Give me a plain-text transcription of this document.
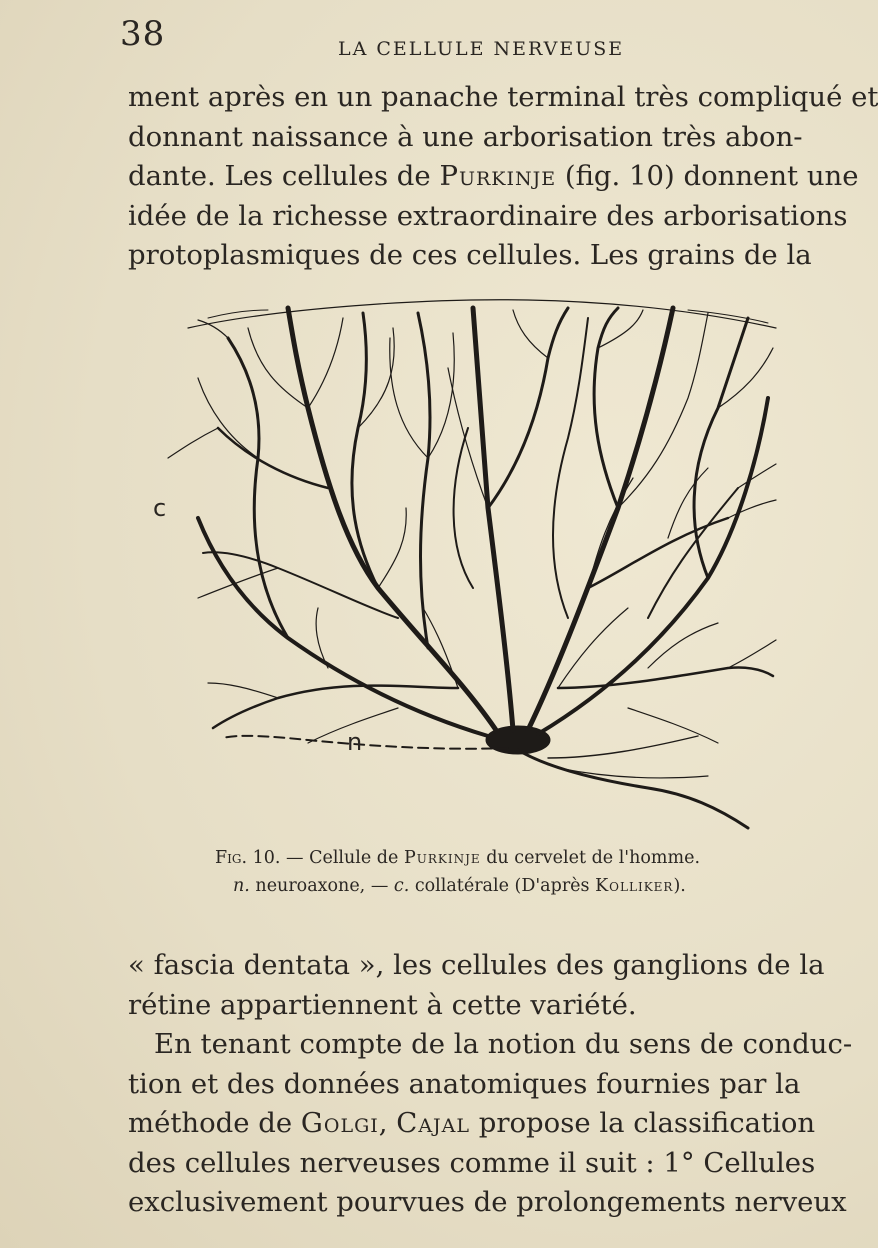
38	LA CELLULE NERVEUSE

ment après en un panache terminal très compliqué et
donnant naissance à une arborisation très abon-
dante. Les cellules de Purkinje (fig. 10) donnent une
idée de la richesse extraordinaire des arborisations
protoplasmiques de ces cellules. Les grains de la

c
n

Fig. 10. — Cellule de Purkinje du cervelet de l'homme.

n. neuroaxone, — c. collatérale (D'après Kolliker).

« fascia dentata », les cellules des ganglions de la
rétine appartiennent à cette variété.
En tenant compte de la notion du sens de conduc-
tion et des données anatomiques fournies par la
méthode de Golgi, Cajal propose la classification
des cellules nerveuses comme il suit : 1° Cellules
exclusivement pourvues de prolongements nerveux
